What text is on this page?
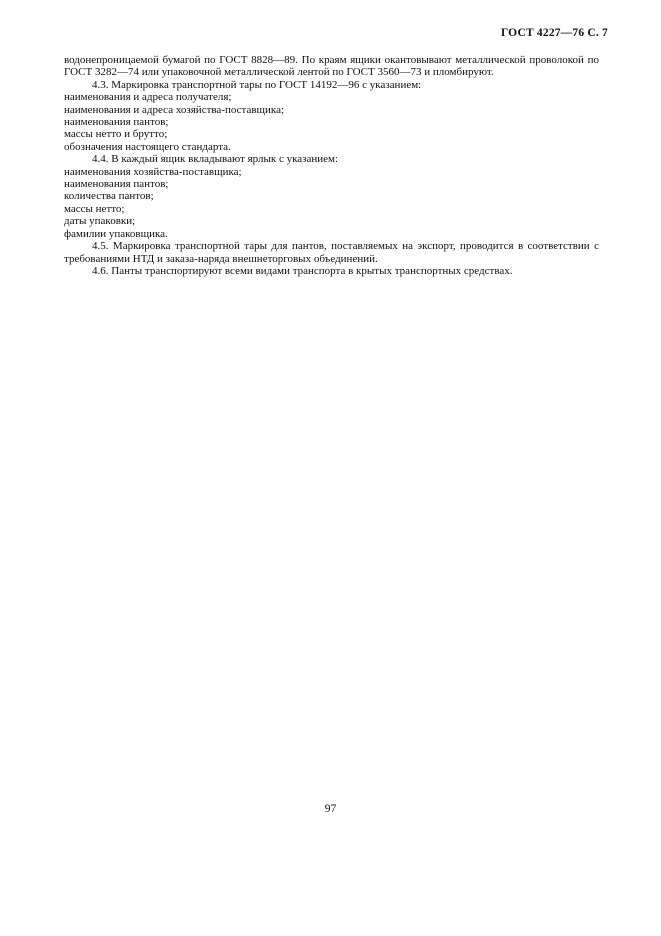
ГОСТ 4227—76 С. 7

водонепроницаемой бумагой по ГОСТ 8828—89. По краям ящики окантовывают металлической проволокой по ГОСТ 3282—74 или упаковочной металлической лентой по ГОСТ 3560—73 и пломбируют.

4.3. Маркировка транспортной тары по ГОСТ 14192—96 с указанием:

наименования и адреса получателя;

наименования и адреса хозяйства-поставщика;

наименования пантов;

массы нетто и брутто;

обозначения настоящего стандарта.

4.4. В каждый ящик вкладывают ярлык с указанием:

наименования хозяйства-поставщика;

наименования пантов;

количества пантов;

массы нетто;

даты упаковки;

фамилии упаковщика.

4.5. Маркировка транспортной тары для пантов, поставляемых на экспорт, проводится в соответствии с требованиями НТД и заказа-наряда внешнеторговых объединений.

4.6. Панты транспортируют всеми видами транспорта в крытых транспортных средствах.

97
